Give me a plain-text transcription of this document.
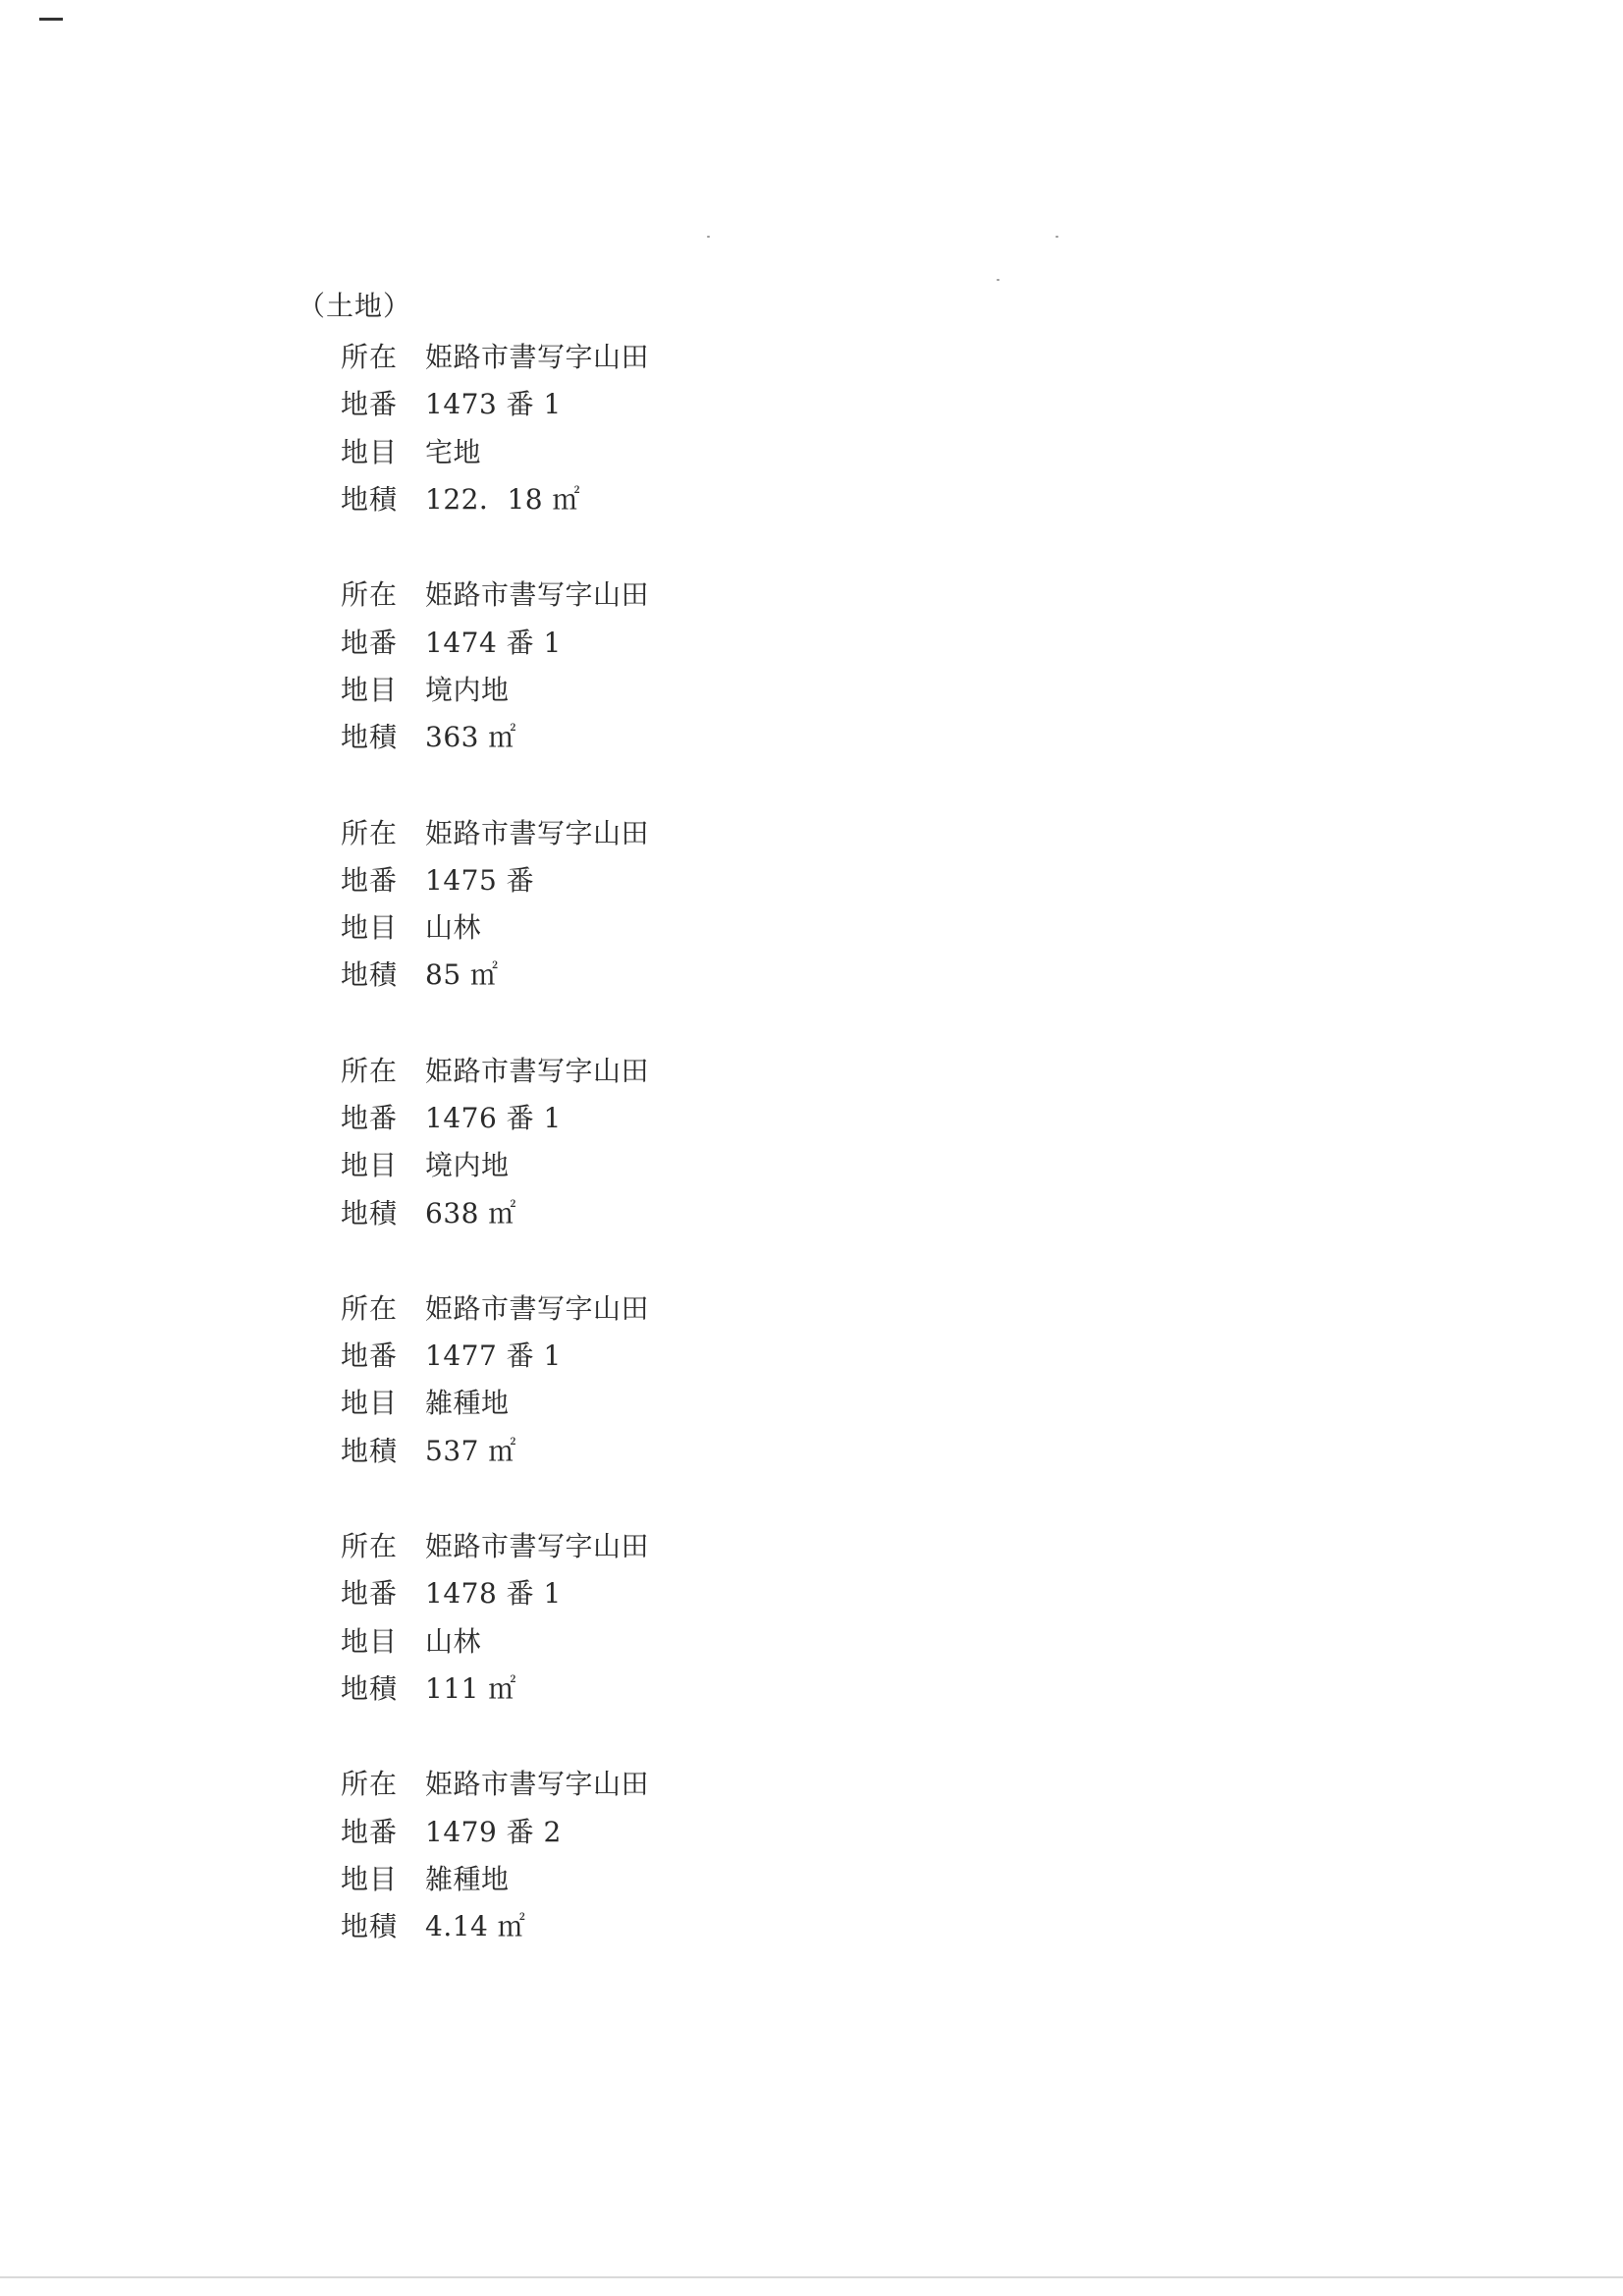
（土地）
所在 姫路市書写字山田
地番 1473 番 1
地目 宅地
地積 122．18 ㎡
所在 姫路市書写字山田
地番 1474 番 1
地目 境内地
地積 363 ㎡
所在 姫路市書写字山田
地番 1475 番
地目 山林
地積 85 ㎡
所在 姫路市書写字山田
地番 1476 番 1
地目 境内地
地積 638 ㎡
所在 姫路市書写字山田
地番 1477 番 1
地目 雑種地
地積 537 ㎡
所在 姫路市書写字山田
地番 1478 番 1
地目 山林
地積 111 ㎡
所在 姫路市書写字山田
地番 1479 番 2
地目 雑種地
地積 4.14 ㎡
